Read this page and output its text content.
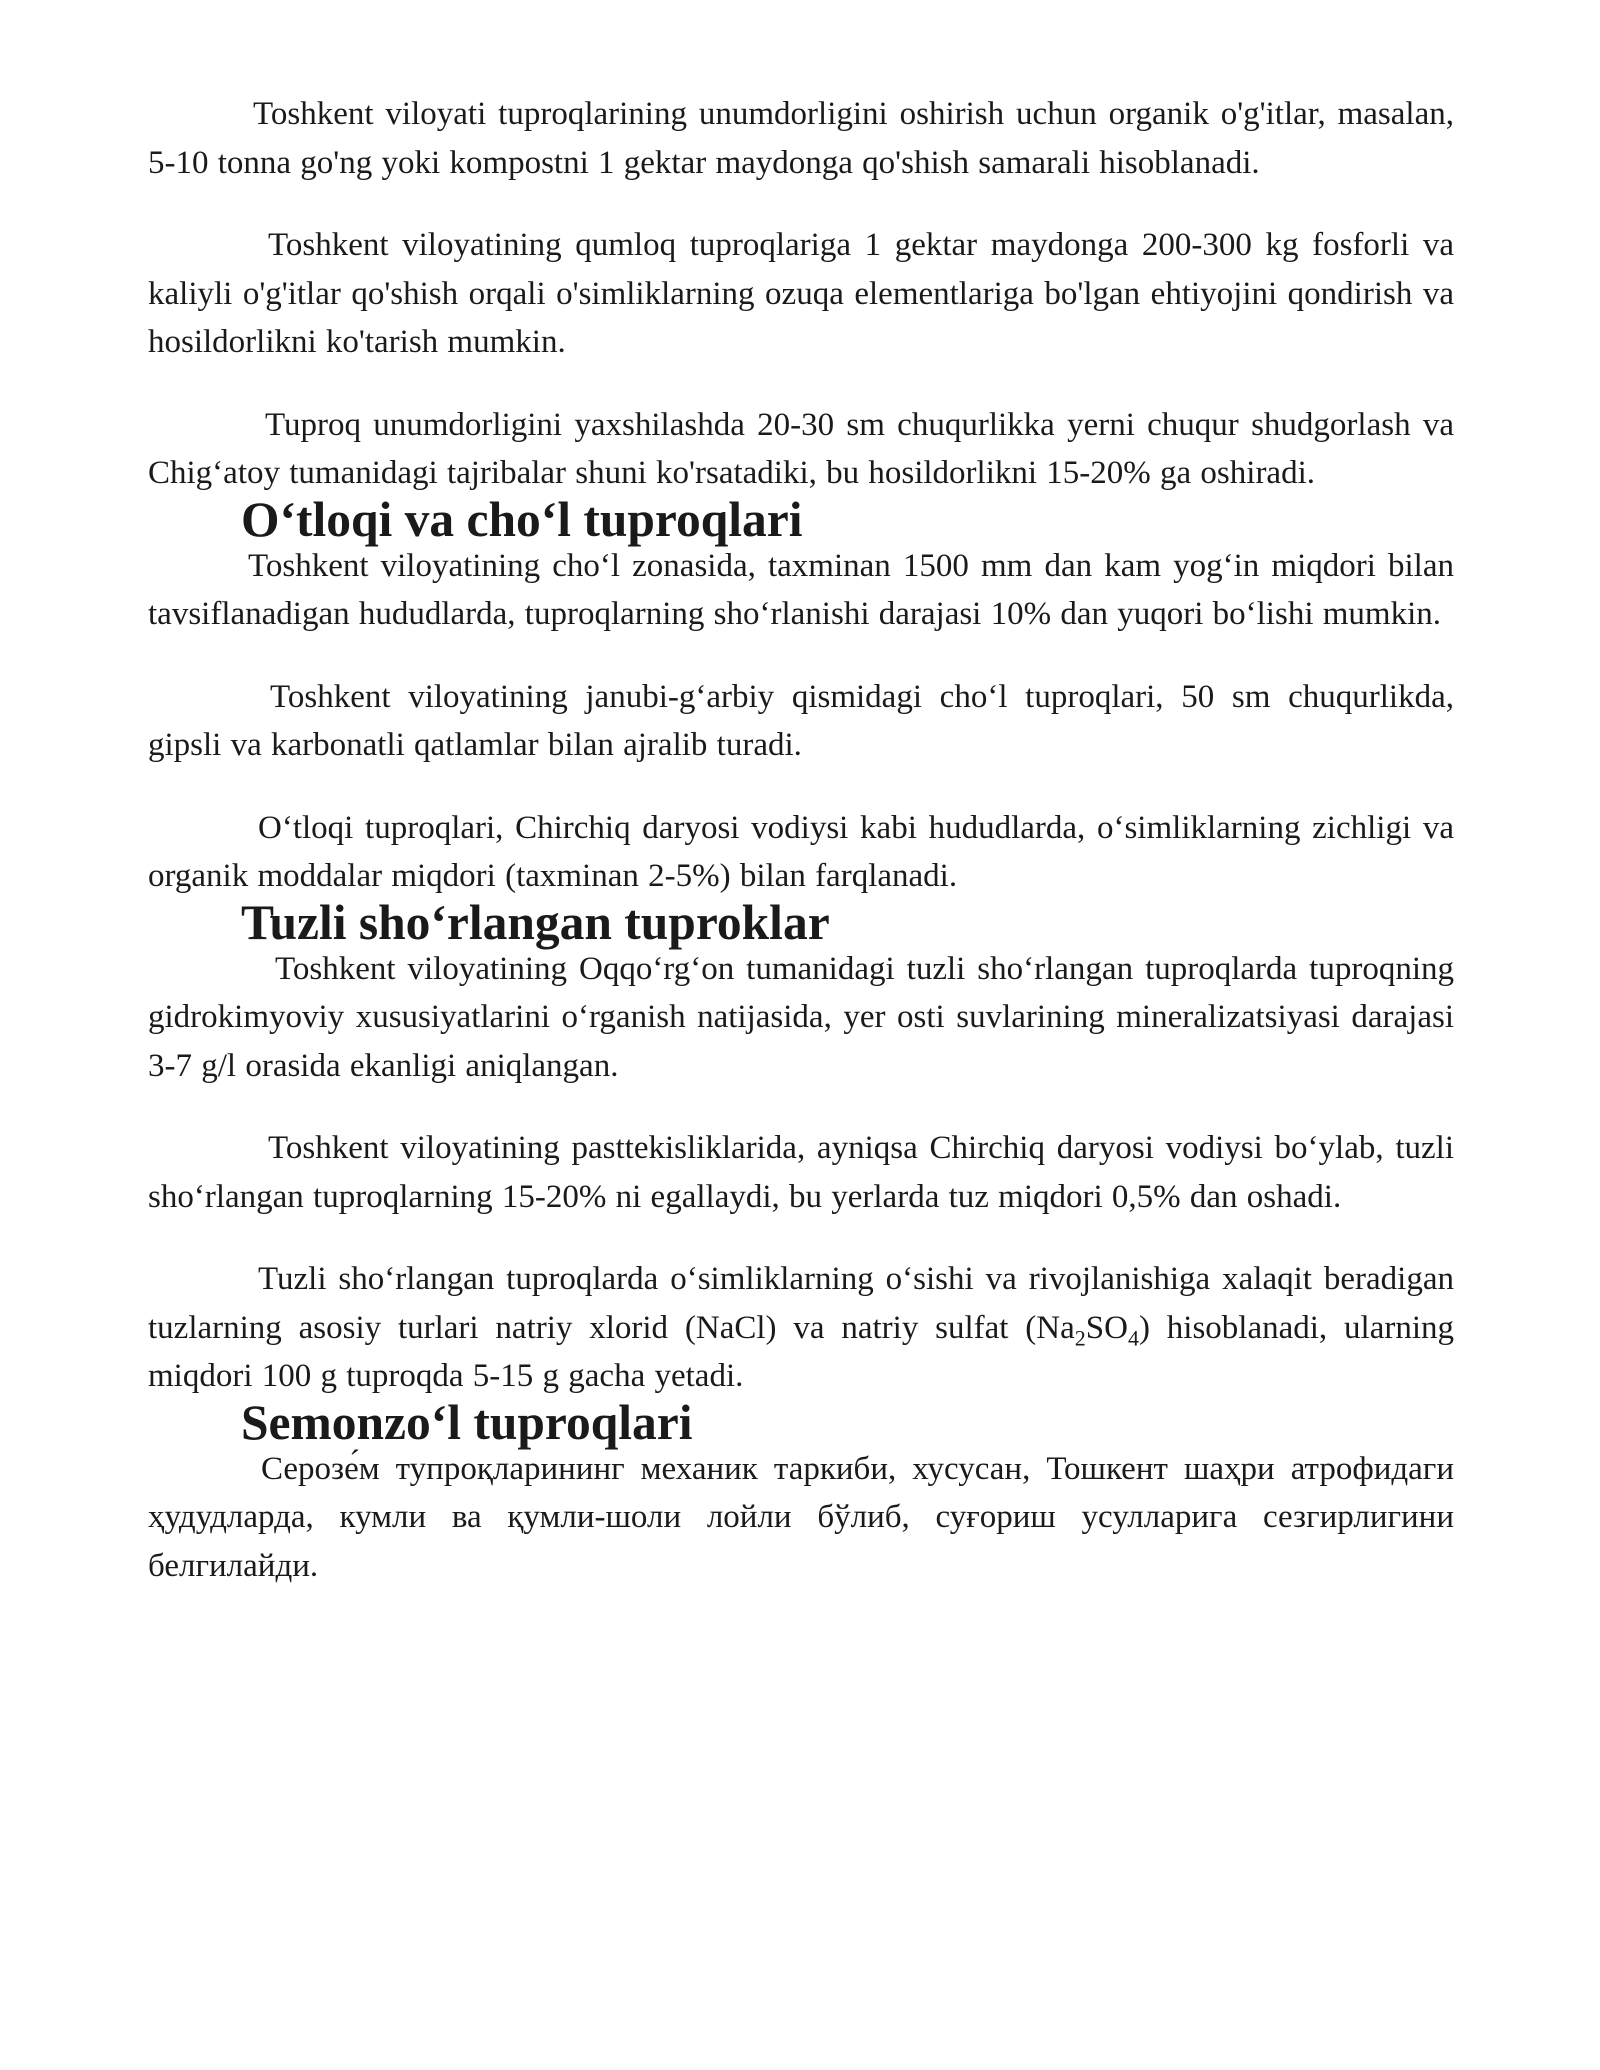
Toshkent viloyati tuproqlarining unumdorligini oshirish uchun organik o'g'itlar, masalan, 5-10 tonna go'ng yoki kompostni 1 gektar maydonga qo'shish samarali hisoblanadi.

Toshkent viloyatining qumloq tuproqlariga 1 gektar maydonga 200-300 kg fosforli va kaliyli o'g'itlar qo'shish orqali o'simliklarning ozuqa elementlariga bo'lgan ehtiyojini qondirish va hosildorlikni ko'tarish mumkin.

Tuproq unumdorligini yaxshilashda 20-30 sm chuqurlikka yerni chuqur shudgorlash va Chig‘atoy tumanidagi tajribalar shuni ko'rsatadiki, bu hosildorlikni 15-20% ga oshiradi.

O‘tloqi va cho‘l tuproqlari

Toshkent viloyatining cho‘l zonasida, taxminan 1500 mm dan kam yog‘in miqdori bilan tavsiflanadigan hududlarda, tuproqlarning sho‘rlanishi darajasi 10% dan yuqori bo‘lishi mumkin.

Toshkent viloyatining janubi-g‘arbiy qismidagi cho‘l tuproqlari, 50 sm chuqurlikda, gipsli va karbonatli qatlamlar bilan ajralib turadi.

O‘tloqi tuproqlari, Chirchiq daryosi vodiysi kabi hududlarda, o‘simliklarning zichligi va organik moddalar miqdori (taxminan 2-5%) bilan farqlanadi.

Tuzli sho‘rlangan tuproklar

Toshkent viloyatining Oqqo‘rg‘on tumanidagi tuzli sho‘rlangan tuproqlarda tuproqning gidrokimyoviy xususiyatlarini o‘rganish natijasida, yer osti suvlarining mineralizatsiyasi darajasi 3-7 g/l orasida ekanligi aniqlangan.

Toshkent viloyatining pasttekisliklarida, ayniqsa Chirchiq daryosi vodiysi bo‘ylab, tuzli sho‘rlangan tuproqlarning 15-20% ni egallaydi, bu yerlarda tuz miqdori 0,5% dan oshadi.

Tuzli sho‘rlangan tuproqlarda o‘simliklarning o‘sishi va rivojlanishiga xalaqit beradigan tuzlarning asosiy turlari natriy xlorid (NaCl) va natriy sulfat $(Na_2SO_4)$ hisoblanadi, ularning miqdori 100 g tuproqda 5-15 g gacha yetadi.

Semonzo‘l tuproqlari

Серозе́м тупроқларининг механик таркиби, хусусан, Тошкент шаҳри атрофидаги ҳудудларда, кумли ва қумли-шоли лойли бўлиб, суғориш усулларига сезгирлигини белгилайди.
